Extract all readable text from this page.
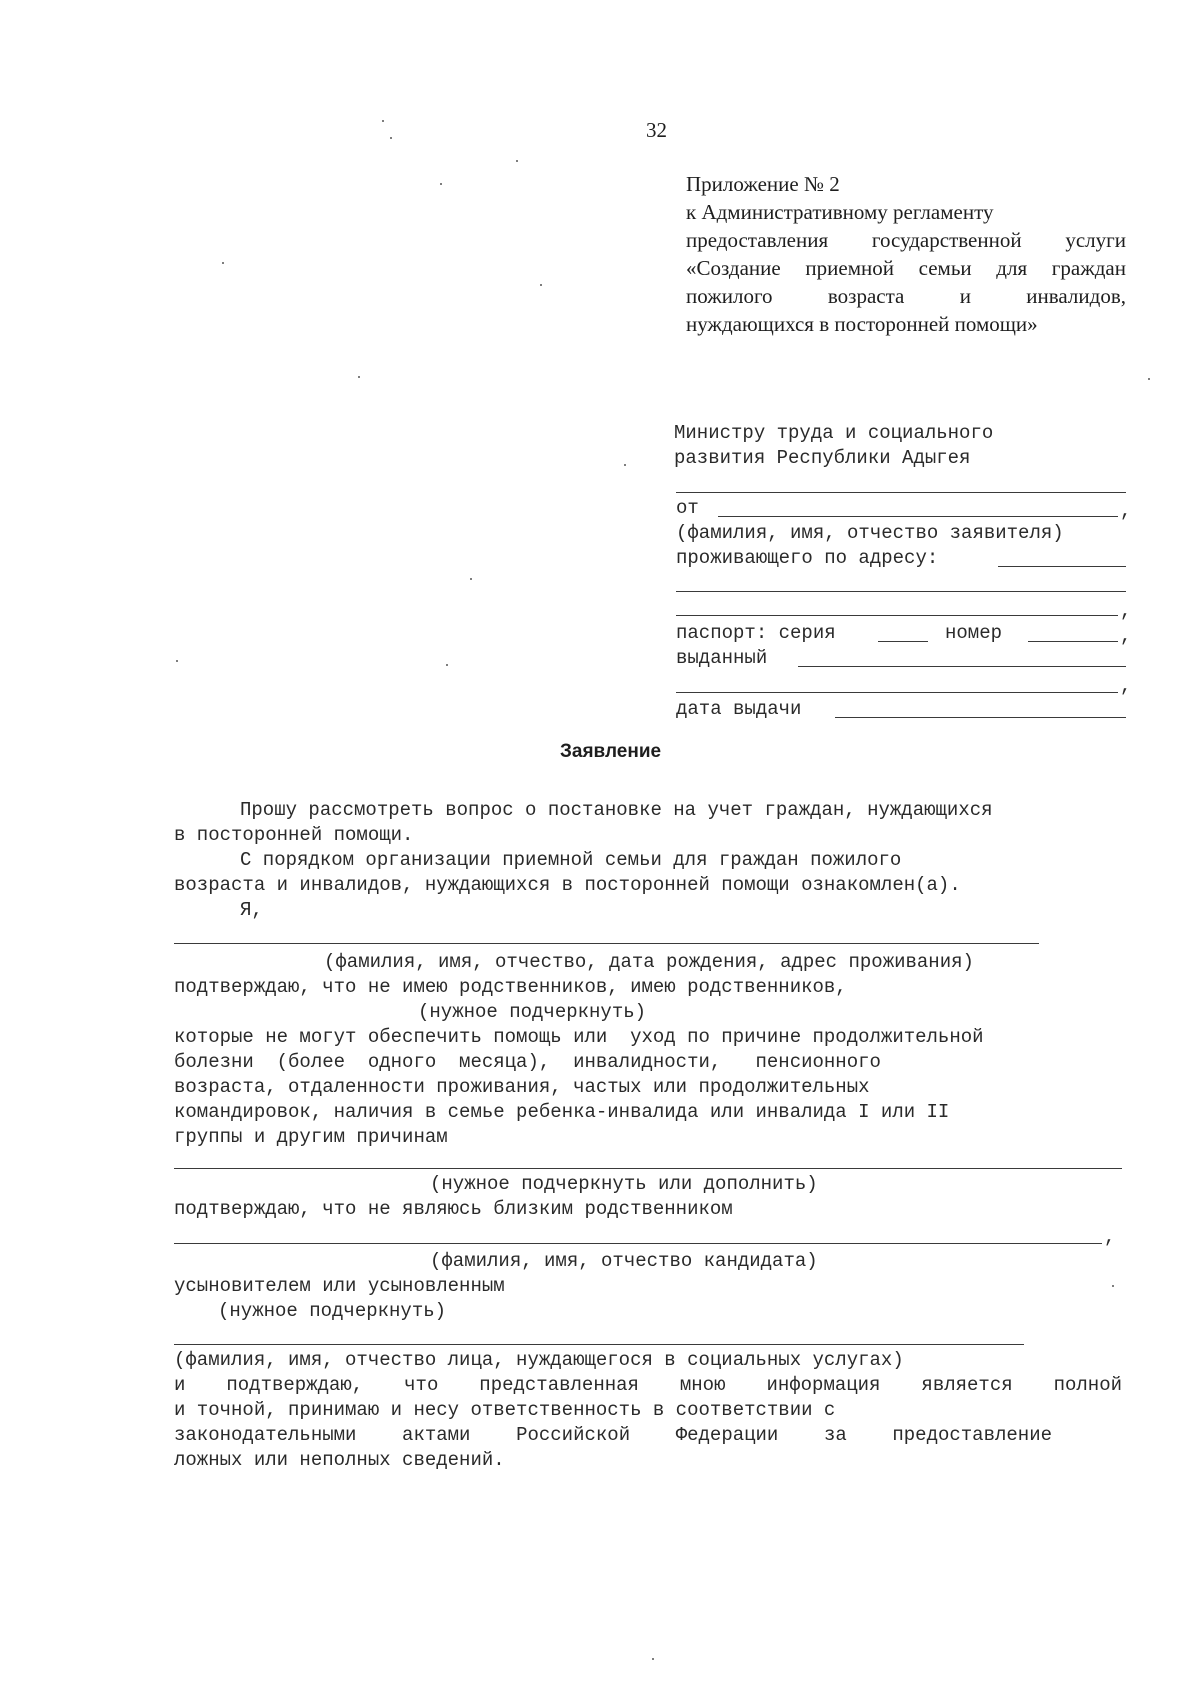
32
Приложение № 2
к Административному регламенту
предоставления государственной услуги
«Создание приемной семьи для граждан
пожилого возраста и инвалидов,
нуждающихся в посторонней помощи»
Министру труда и социального
развития Республики Адыгея
от	,
(фамилия, имя, отчество заявителя)
проживающего по адресу:
,
паспорт: серия	номер	,
выданный
,
дата выдачи
Заявление
Прошу рассмотреть вопрос о постановке на учет граждан, нуждающихся
в посторонней помощи.
С порядком организации приемной семьи для граждан пожилого
возраста и инвалидов, нуждающихся в посторонней помощи ознакомлен(а).
Я,
(фамилия, имя, отчество, дата рождения, адрес проживания)
подтверждаю, что не имею родственников, имею родственников,
(нужное подчеркнуть)
которые не могут обеспечить помощь или  уход по причине продолжительной
болезни  (более  одного  месяца),  инвалидности,   пенсионного
возраста, отдаленности проживания, частых или продолжительных
командировок, наличия в семье ребенка-инвалида или инвалида I или II
группы и другим причинам
(нужное подчеркнуть или дополнить)
подтверждаю, что не являюсь близким родственником
,
(фамилия, имя, отчество кандидата)
усыновителем или усыновленным
(нужное подчеркнуть)
(фамилия, имя, отчество лица, нуждающегося в социальных услугах)
и подтверждаю, что представленная мною информация является полной
и точной, принимаю и несу ответственность в соответствии с
законодательными актами Российской Федерации за предоставление
ложных или неполных сведений.
